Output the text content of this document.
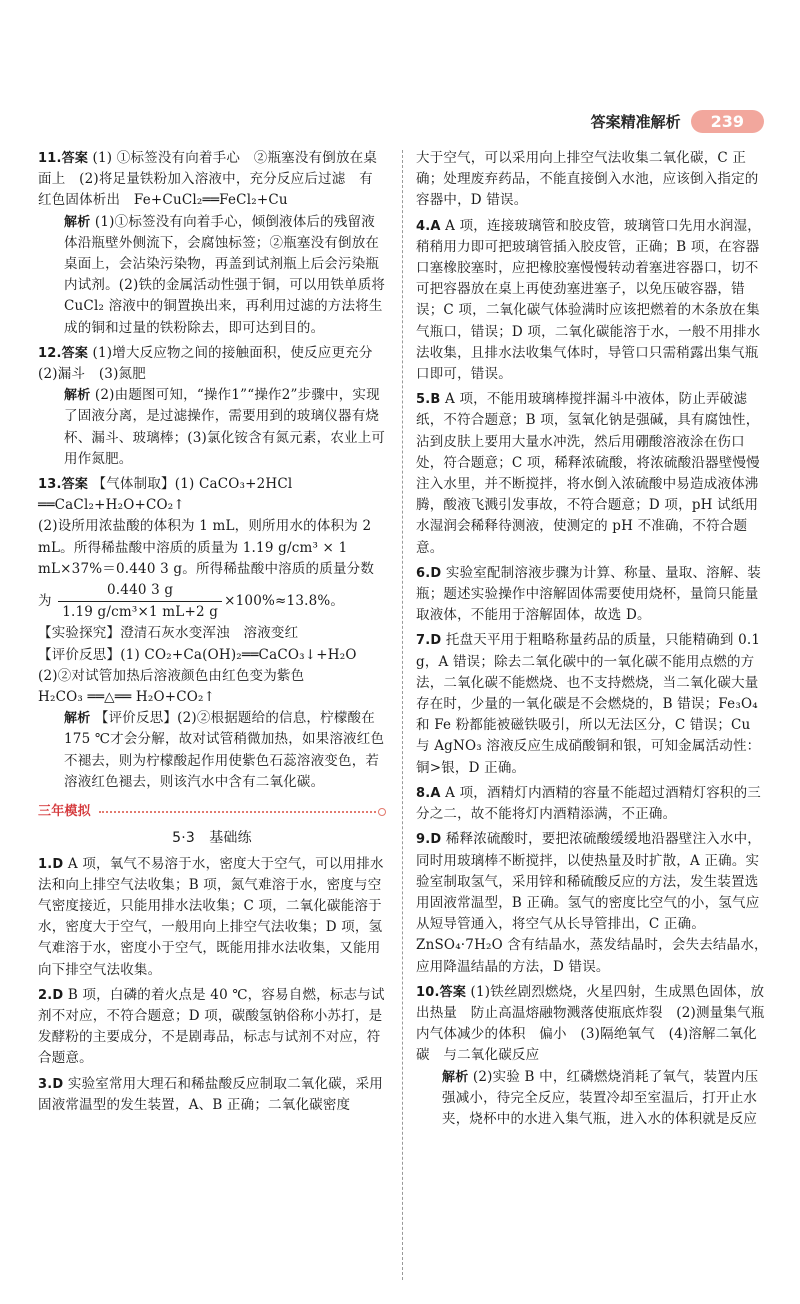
答案精准解析	239

11.答案 (1) ①标签没有向着手心　②瓶塞没有倒放在桌面上　(2)将足量铁粉加入溶液中，充分反应后过滤　有红色固体析出　Fe+CuCl₂══FeCl₂+Cu

解析 (1)①标签没有向着手心，倾倒液体后的残留液体沿瓶壁外侧流下，会腐蚀标签；②瓶塞没有倒放在桌面上，会沾染污染物，再盖到试剂瓶上后会污染瓶内试剂。(2)铁的金属活动性强于铜，可以用铁单质将 CuCl₂ 溶液中的铜置换出来，再利用过滤的方法将生成的铜和过量的铁粉除去，即可达到目的。

12.答案 (1)增大反应物之间的接触面积，使反应更充分　(2)漏斗　(3)氮肥

解析 (2)由题图可知，“操作1”“操作2”步骤中，实现了固液分离，是过滤操作，需要用到的玻璃仪器有烧杯、漏斗、玻璃棒；(3)氯化铵含有氮元素，农业上可用作氮肥。

13.答案 【气体制取】(1) CaCO₃+2HCl ══CaCl₂+H₂O+CO₂↑

(2)设所用浓盐酸的体积为 1 mL，则所用水的体积为 2 mL。所得稀盐酸中溶质的质量为 1.19 g/cm³ × 1 mL×37%＝0.440 3 g。所得稀盐酸中溶质的质量分数为 $\frac{0.440 3 g}{\text{1.19 g/cm³×1 mL+2 g}} \times 100\%\approx 13.8\%$。

【实验探究】澄清石灰水变浑浊　溶液变红

【评价反思】(1) CO₂+Ca(OH)₂══CaCO₃↓+H₂O

(2)②对试管加热后溶液颜色由红色变为紫色

H₂CO₃ ══△══ H₂O+CO₂↑

解析 【评价反思】(2)②根据题给的信息，柠檬酸在 175 ℃才会分解，故对试管稍微加热，如果溶液红色不褪去，则为柠檬酸起作用使紫色石蕊溶液变色，若溶液红色褪去，则该汽水中含有二氧化碳。

三年模拟
5·3　基础练

1.D A 项，氧气不易溶于水，密度大于空气，可以用排水法和向上排空气法收集；B 项，氮气难溶于水，密度与空气密度接近，只能用排水法收集；C 项，二氧化碳能溶于水，密度大于空气，一般用向上排空气法收集；D 项，氢气难溶于水，密度小于空气，既能用排水法收集，又能用向下排空气法收集。

2.D B 项，白磷的着火点是 40 ℃，容易自燃，标志与试剂不对应，不符合题意；D 项，碳酸氢钠俗称小苏打，是发酵粉的主要成分，不是剧毒品，标志与试剂不对应，符合题意。

3.D 实验室常用大理石和稀盐酸反应制取二氧化碳，采用固液常温型的发生装置，A、B 正确；二氧化碳密度

大于空气，可以采用向上排空气法收集二氧化碳，C 正确；处理废弃药品，不能直接倒入水池，应该倒入指定的容器中，D 错误。

4.A A 项，连接玻璃管和胶皮管，玻璃管口先用水润湿，稍稍用力即可把玻璃管插入胶皮管，正确；B 项，在容器口塞橡胶塞时，应把橡胶塞慢慢转动着塞进容器口，切不可把容器放在桌上再使劲塞进塞子，以免压破容器，错误；C 项，二氧化碳气体验满时应该把燃着的木条放在集气瓶口，错误；D 项，二氧化碳能溶于水，一般不用排水法收集，且排水法收集气体时，导管口只需稍露出集气瓶口即可，错误。

5.B A 项，不能用玻璃棒搅拌漏斗中液体，防止弄破滤纸，不符合题意；B 项，氢氧化钠是强碱，具有腐蚀性，沾到皮肤上要用大量水冲洗，然后用硼酸溶液涂在伤口处，符合题意；C 项，稀释浓硫酸，将浓硫酸沿器壁慢慢注入水里，并不断搅拌，将水倒入浓硫酸中易造成液体沸腾，酸液飞溅引发事故，不符合题意；D 项，pH 试纸用水湿润会稀释待测液，使测定的 pH 不准确，不符合题意。

6.D 实验室配制溶液步骤为计算、称量、量取、溶解、装瓶；题述实验操作中溶解固体需要使用烧杯，量筒只能量取液体，不能用于溶解固体，故选 D。

7.D 托盘天平用于粗略称量药品的质量，只能精确到 0.1 g，A 错误；除去二氧化碳中的一氧化碳不能用点燃的方法，二氧化碳不能燃烧、也不支持燃烧，当二氧化碳大量存在时，少量的一氧化碳是不会燃烧的，B 错误；Fe₃O₄ 和 Fe 粉都能被磁铁吸引，所以无法区分，C 错误；Cu 与 AgNO₃ 溶液反应生成硝酸铜和银，可知金属活动性：铜>银，D 正确。

8.A A 项，酒精灯内酒精的容量不能超过酒精灯容积的三分之二，故不能将灯内酒精添满，不正确。

9.D 稀释浓硫酸时，要把浓硫酸缓缓地沿器壁注入水中，同时用玻璃棒不断搅拌，以使热量及时扩散，A 正确。实验室制取氢气，采用锌和稀硫酸反应的方法，发生装置选用固液常温型，B 正确。氢气的密度比空气的小，氢气应从短导管通入，将空气从长导管排出，C 正确。ZnSO₄·7H₂O 含有结晶水，蒸发结晶时，会失去结晶水，应用降温结晶的方法，D 错误。

10.答案 (1)铁丝剧烈燃烧，火星四射，生成黑色固体，放出热量　防止高温熔融物溅落使瓶底炸裂　(2)测量集气瓶内气体减少的体积　偏小　(3)隔绝氧气　(4)溶解二氧化碳　与二氧化碳反应

解析 (2)实验 B 中，红磷燃烧消耗了氧气，装置内压强减小，待完全反应，装置冷却至室温后，打开止水夹，烧杯中的水进入集气瓶，进入水的体积就是反应
